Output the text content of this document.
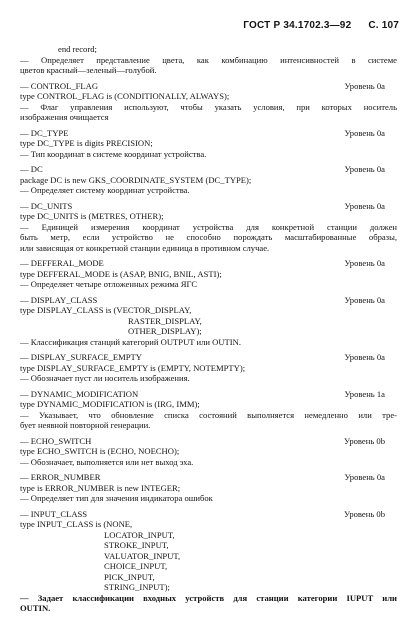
ГОСТ Р 34.1702.3—92 С. 107
end record;
— Определяет представление цвета, как комбинацию интенсивностей в системе
цветов красный—зеленый—голубой.
— CONTROL_FLAG	Уровень 0a
type CONTROL_FLAG is (CONDITIONALLY, ALWAYS);
— Флаг управления используют, чтобы указать условия, при которых носитель
изображения очищается
— DC_TYPE	Уровень 0a
type DC_TYPE is digits PRECISION;
— Тип координат в системе координат устройства.
— DC	Уровень 0a
package DC is new GKS_COORDINATE_SYSTEM (DC_TYPE);
— Определяет систему координат устройства.
— DC_UNITS	Уровень 0a
type DC_UNITS is (METRES, OTHER);
— Единицей измерения координат устройства для конкретной станции должен
быть метр, если устройство не способно порождать масштабированные образы,
или зависящая от конкретной станции единица в противном случае.
— DEFFERAL_MODE	Уровень 0a
type DEFFERAL_MODE is (ASAP, BNIG, BNIL, ASTI);
— Определяет четыре отложенных режима ЯГС
— DISPLAY_CLASS	Уровень 0a
type DISPLAY_CLASS is (VECTOR_DISPLAY,
RASTER_DISPLAY,
OTHER_DISPLAY);
— Классификация станций категорий OUTPUT или OUTIN.
— DISPLAY_SURFACE_EMPTY	Уровень 0a
type DISPLAY_SURFACE_EMPTY is (EMPTY, NOTEMPTY);
— Обозначает пуст ли носитель изображения.
— DYNAMIC_MODIFICATION	Уровень 1a
type DYNAMIC_MODIFICATION is (IRG, IMM);
— Указывает, что обновление списка состояний выполняется немедленно или тре-
бует неявной повторной генерации.
— ECHO_SWITCH	Уровень 0b
type ECHO_SWITCH is (ECHO, NOECHO);
— Обозначает, выполняется или нет выход эха.
— ERROR_NUMBER	Уровень 0a
type is ERROR_NUMBER is new INTEGER;
— Определяет тип для значения индикатора ошибок
— INPUT_CLASS	Уровень 0b
type INPUT_CLASS is (NONE,
LOCATOR_INPUT,
STROKE_INPUT,
VALUATOR_INPUT,
CHOICE_INPUT,
PICK_INPUT,
STRING_INPUT);
— Задает классификации входных устройств для станции категории IUPUT или
OUTIN.
